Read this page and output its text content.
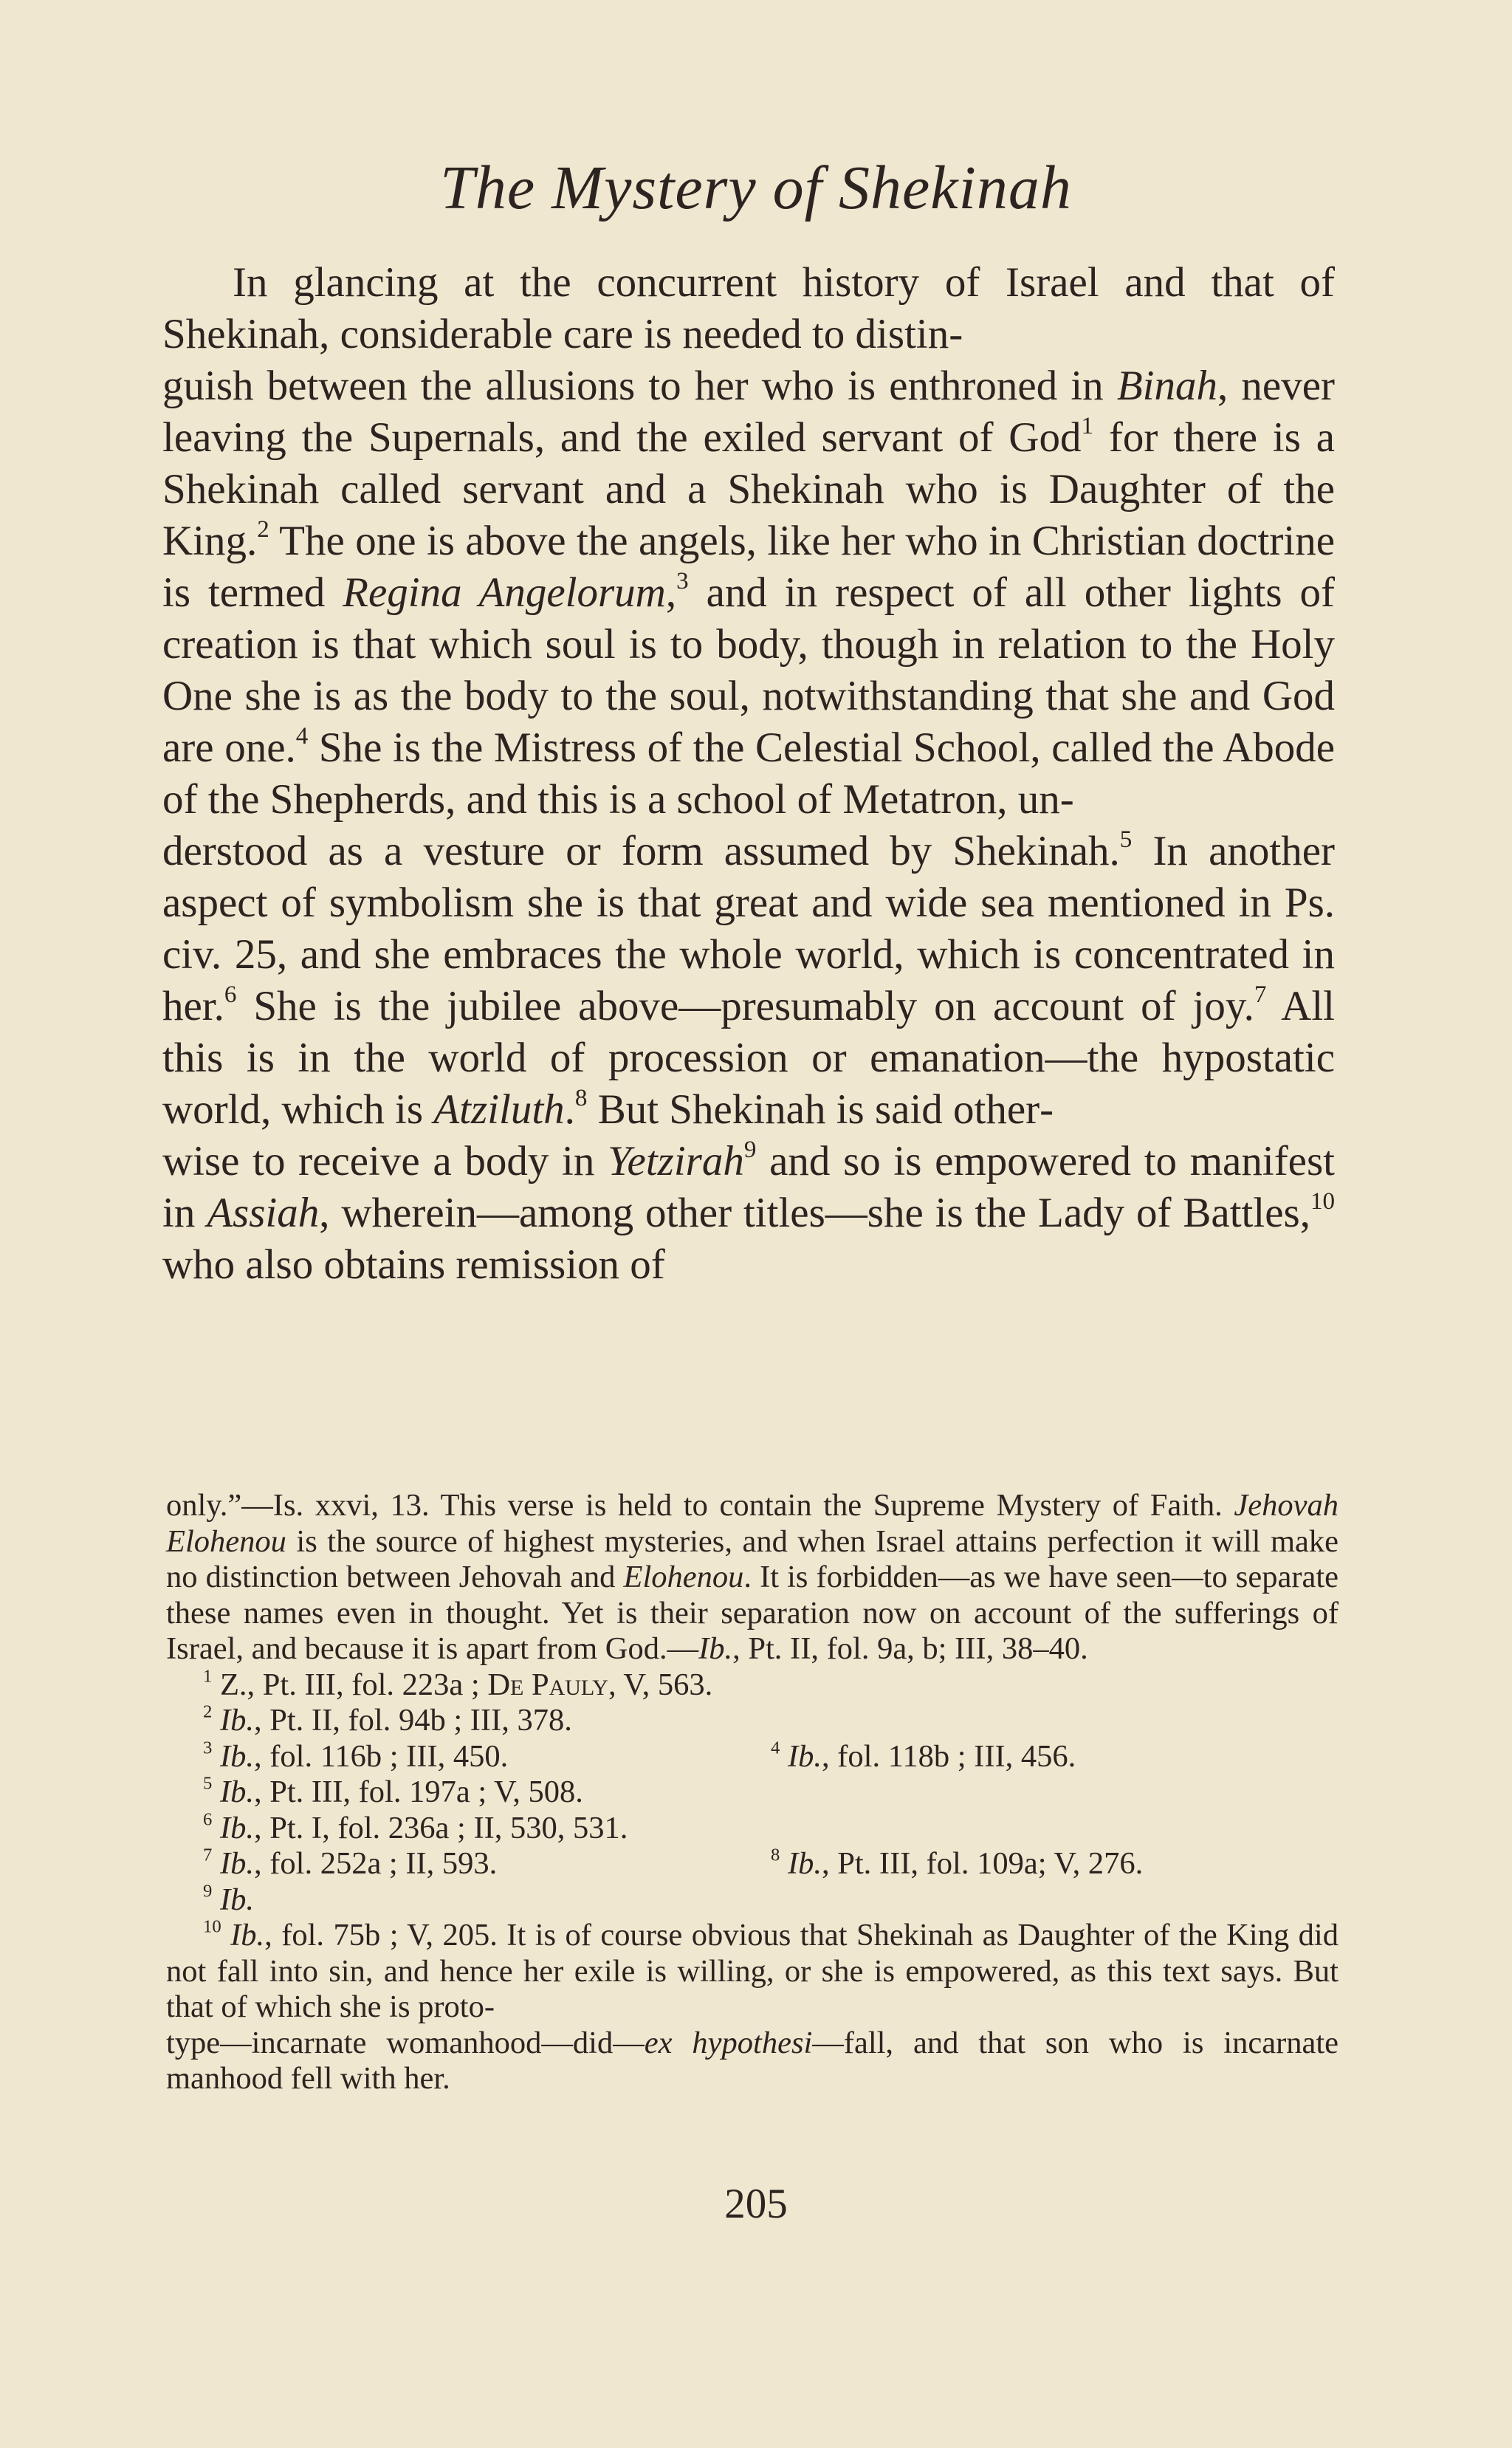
The Mystery of Shekinah

In glancing at the concurrent history of Israel and that of Shekinah, considerable care is needed to distin‑
guish between the allusions to her who is enthroned in Binah, never leaving the Supernals, and the exiled servant of God$^1$ for there is a Shekinah called servant and a Shekinah who is Daughter of the King.$^2$ The one is above the angels, like her who in Christian doctrine is termed Regina Angelorum,$^3$ and in respect of all other lights of creation is that which soul is to body, though in relation to the Holy One she is as the body to the soul, notwithstanding that she and God are one.$^4$ She is the Mistress of the Celestial School, called the Abode of the Shepherds, and this is a school of Metatron, un‑
derstood as a vesture or form assumed by Shekinah.$^5$ In another aspect of symbolism she is that great and wide sea mentioned in Ps. civ. 25, and she embraces the whole world, which is concentrated in her.$^6$ She is the jubilee above—presumably on account of joy.$^7$ All this is in the world of procession or emanation—the hypostatic world, which is Atziluth.$^8$ But Shekinah is said other‑
wise to receive a body in Yetzirah$^9$ and so is empowered to manifest in Assiah, wherein—among other titles—she is the Lady of Battles,$^{10}$ who also obtains remission of

only.”—Is. xxvi, 13. This verse is held to contain the Supreme Mystery of Faith. Jehovah Elohenou is the source of highest mysteries, and when Israel attains perfection it will make no distinction between Jehovah and Elohenou. It is forbidden—as we have seen—to separate these names even in thought. Yet is their separation now on account of the sufferings of Israel, and because it is apart from God.—Ib., Pt. II, fol. 9a, b; III, 38–40.

$^1$ Z., Pt. III, fol. 223a ; De Pauly, V, 563.

$^2$ Ib., Pt. II, fol. 94b ; III, 378.

$^3$ Ib., fol. 116b ; III, 450.	$^4$ Ib., fol. 118b ; III, 456.

$^5$ Ib., Pt. III, fol. 197a ; V, 508.

$^6$ Ib., Pt. I, fol. 236a ; II, 530, 531.

$^7$ Ib., fol. 252a ; II, 593.	$^8$ Ib., Pt. III, fol. 109a; V, 276.

$^9$ Ib.

$^{10}$ Ib., fol. 75b ; V, 205. It is of course obvious that Shekinah as Daughter of the King did not fall into sin, and hence her exile is willing, or she is empowered, as this text says. But that of which she is proto‑
type—incarnate womanhood—did—ex hypothesi—fall, and that son who is incarnate manhood fell with her.

205
